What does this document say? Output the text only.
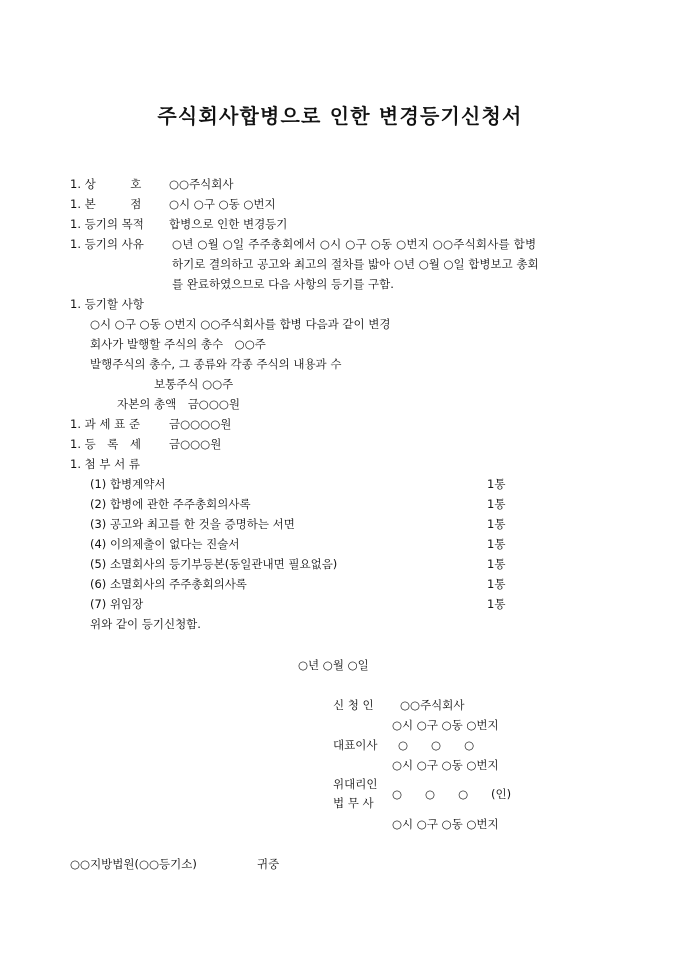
주식회사합병으로 인한 변경등기신청서
1. 상　　　호 ○○주식회사
1. 본　　　점 ○시 ○구 ○동 ○번지
1. 등기의 목적 합병으로 인한 변경등기
1. 등기의 사유 ○년 ○월 ○일 주주총회에서 ○시 ○구 ○동 ○번지 ○○주식회사를 합병
하기로 결의하고 공고와 최고의 절차를 밟아 ○년 ○월 ○일 합병보고 총회
를 완료하였으므로 다음 사항의 등기를 구함.
1. 등기할 사항
○시 ○구 ○동 ○번지 ○○주식회사를 합병 다음과 같이 변경
회사가 발행할 주식의 총수　○○주
발행주식의 총수, 그 종류와 각종 주식의 내용과 수
보통주식 ○○주
자본의 총액　금○○○원
1. 과 세 표 준	금○○○○원
1. 등　록　세 금○○○원
1. 첨 부 서 류
(1) 합병계약서	1통
(2) 합병에 관한 주주총회의사록	1통
(3) 공고와 최고를 한 것을 증명하는 서면	1통
(4) 이의제출이 없다는 진술서	1통
(5) 소멸회사의 등기부등본(동일관내면 필요없음)	1통
(6) 소멸회사의 주주총회의사록	1통
(7) 위임장	1통
위와 같이 등기신청함.
○년 ○월 ○일
신 청 인 ○○주식회사
○시 ○구 ○동 ○번지
대표이사 ○　　○　　○
○시 ○구 ○동 ○번지
위대리인
법 무 사
○　　○　　○ (인)
○시 ○구 ○동 ○번지
○○지방법원(○○등기소)	귀중
